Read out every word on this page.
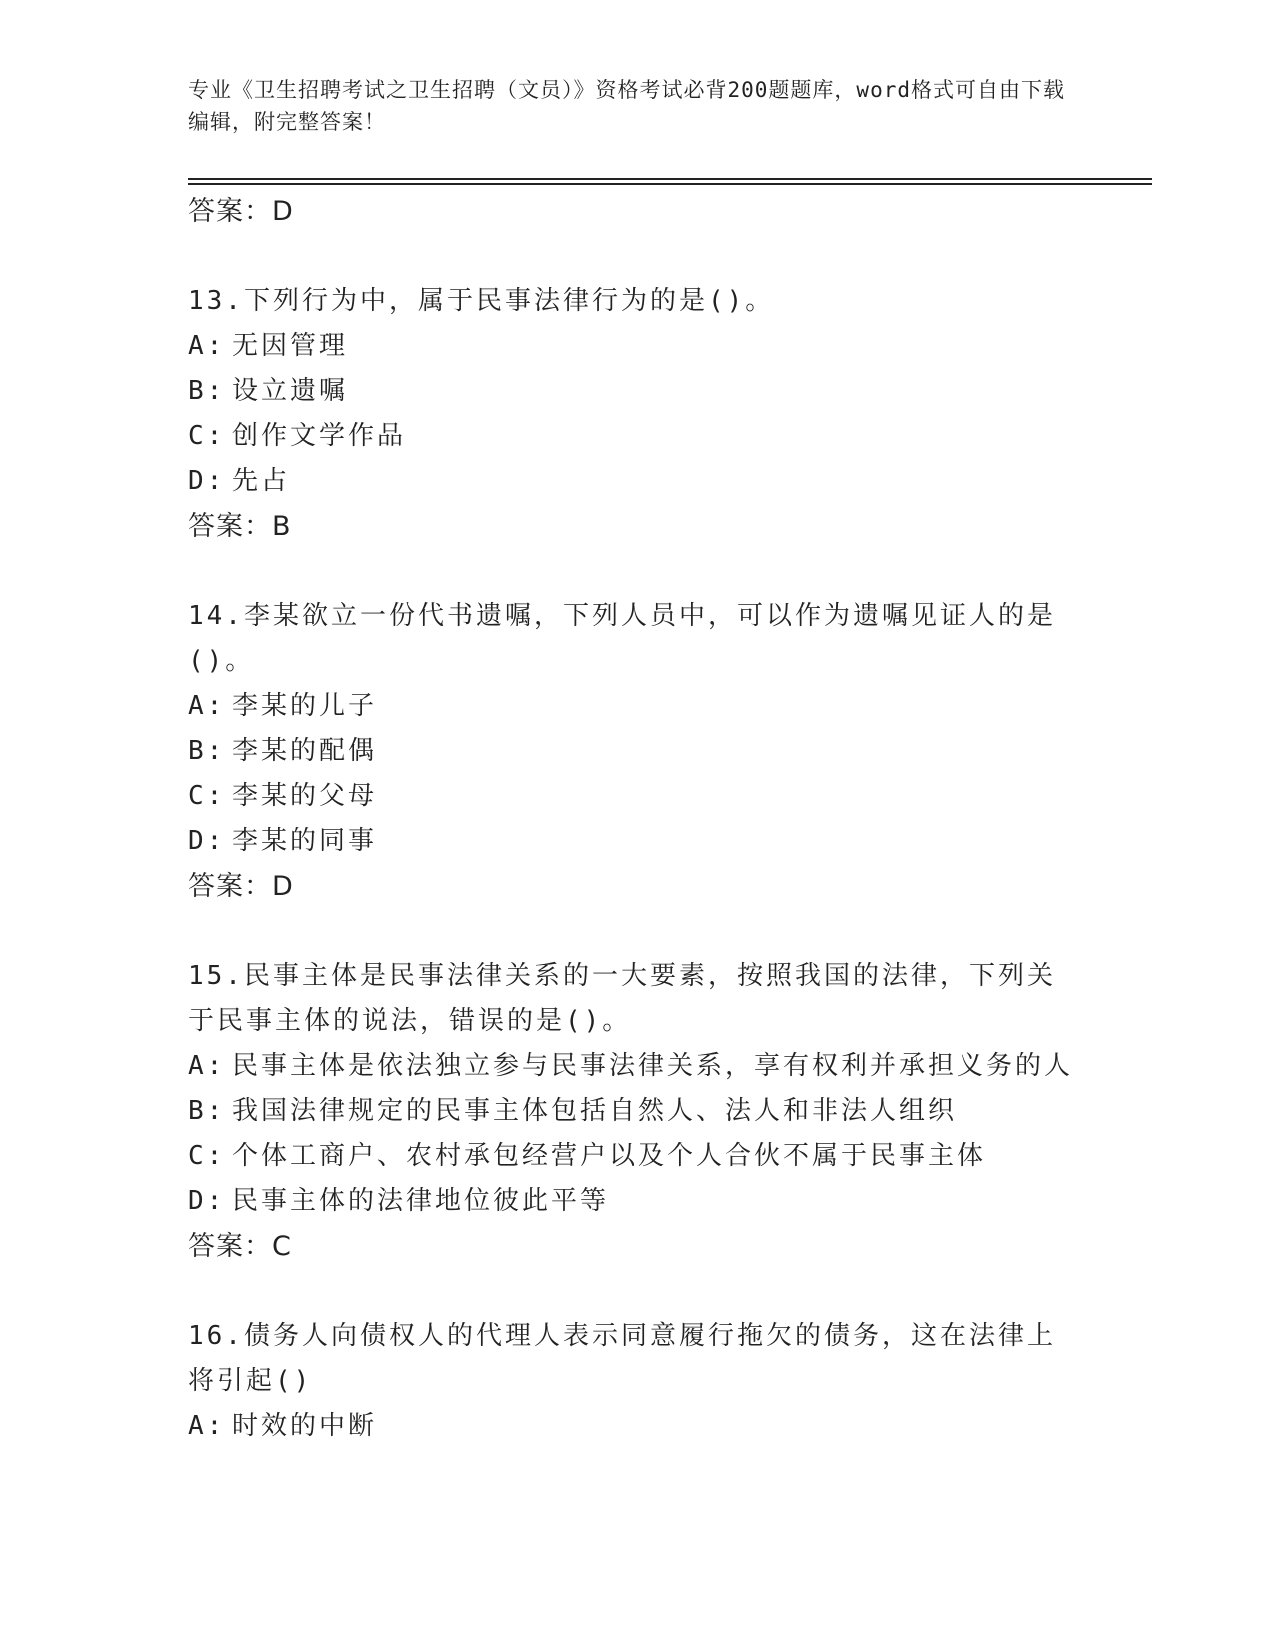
专业《卫生招聘考试之卫生招聘（文员）》资格考试必背200题题库，word格式可自由下载编辑，附完整答案！
答案：D
13.下列行为中，属于民事法律行为的是()。
A: 无因管理
B: 设立遗嘱
C: 创作文学作品
D: 先占
答案：B
14.李某欲立一份代书遗嘱，下列人员中，可以作为遗嘱见证人的是()。
A: 李某的儿子
B: 李某的配偶
C: 李某的父母
D: 李某的同事
答案：D
15.民事主体是民事法律关系的一大要素，按照我国的法律，下列关于民事主体的说法，错误的是()。
A: 民事主体是依法独立参与民事法律关系，享有权利并承担义务的人
B: 我国法律规定的民事主体包括自然人、法人和非法人组织
C: 个体工商户、农村承包经营户以及个人合伙不属于民事主体
D: 民事主体的法律地位彼此平等
答案：C
16.债务人向债权人的代理人表示同意履行拖欠的债务，这在法律上将引起()
A: 时效的中断
